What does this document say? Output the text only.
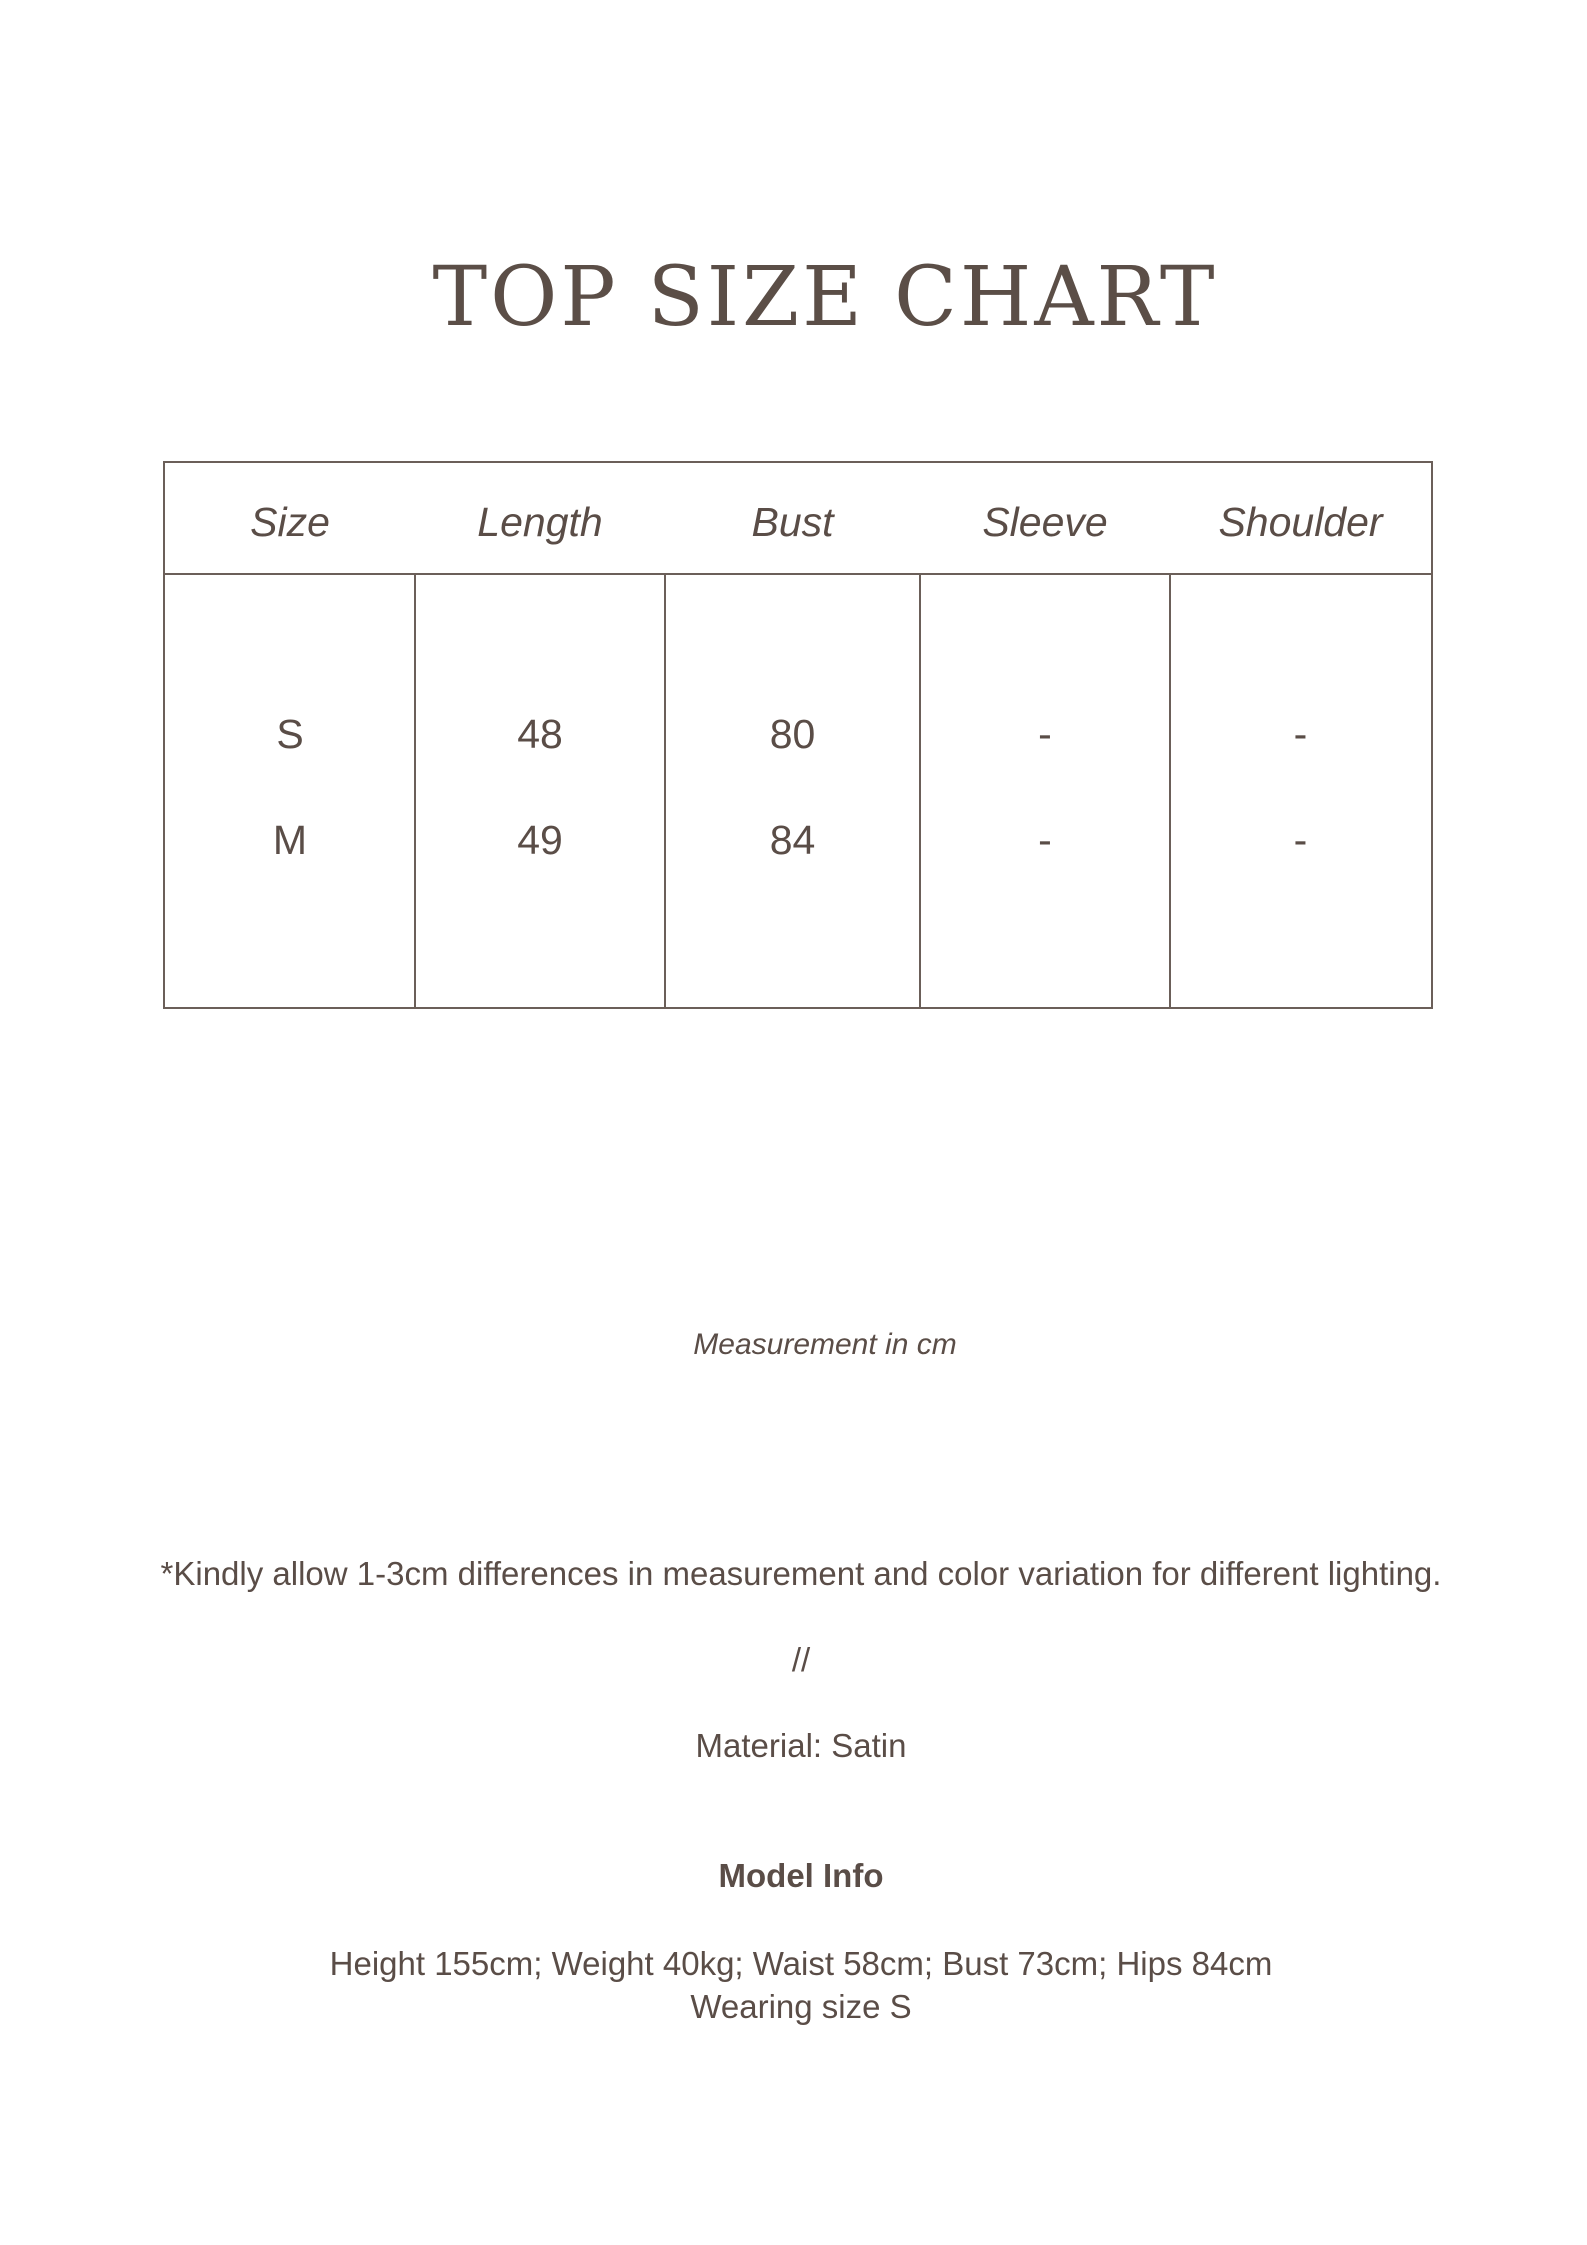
TOP SIZE CHART
Size	Length	Bust	Sleeve	Shoulder
S	48	80	-	-
M	49	84	-	-
Measurement in cm
*Kindly allow 1-3cm differences in measurement and color variation for different lighting.
//
Material: Satin
Model Info
Height 155cm; Weight 40kg; Waist 58cm; Bust 73cm; Hips 84cm
Wearing size S
